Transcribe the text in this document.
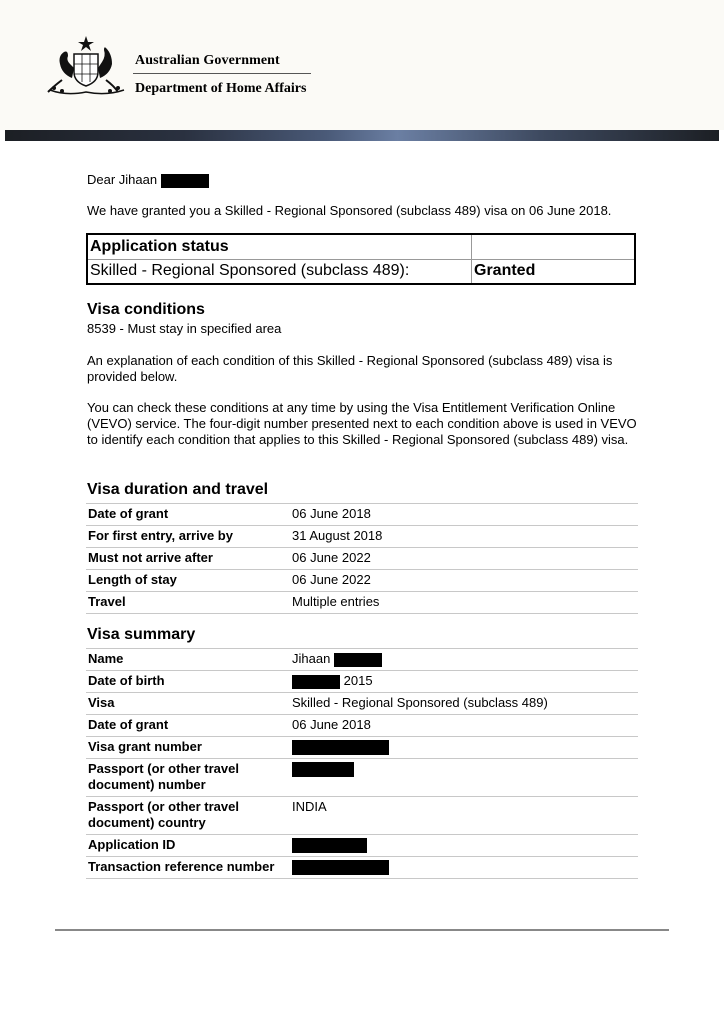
Australian Government
Department of Home Affairs

Dear Jihaan

We have granted you a Skilled - Regional Sponsored (subclass 489) visa on 06 June 2018.

Application status
Skilled - Regional Sponsored (subclass 489):	Granted
Visa conditions

8539 - Must stay in specified area

An explanation of each condition of this Skilled - Regional Sponsored (subclass 489) visa is provided below.

You can check these conditions at any time by using the Visa Entitlement Verification Online (VEVO) service. The four-digit number presented next to each condition above is used in VEVO to identify each condition that applies to this Skilled - Regional Sponsored (subclass 489) visa.

Visa duration and travel
Date of grant	06 June 2018
For first entry, arrive by	31 August 2018
Must not arrive after	06 June 2022
Length of stay	06 June 2022
Travel	Multiple entries
Visa summary
Name	Jihaan
Date of birth	2015
Visa	Skilled - Regional Sponsored (subclass 489)
Date of grant	06 June 2018
Visa grant number	
Passport (or other travel document) number	
Passport (or other travel document) country	INDIA
Application ID	
Transaction reference number	
